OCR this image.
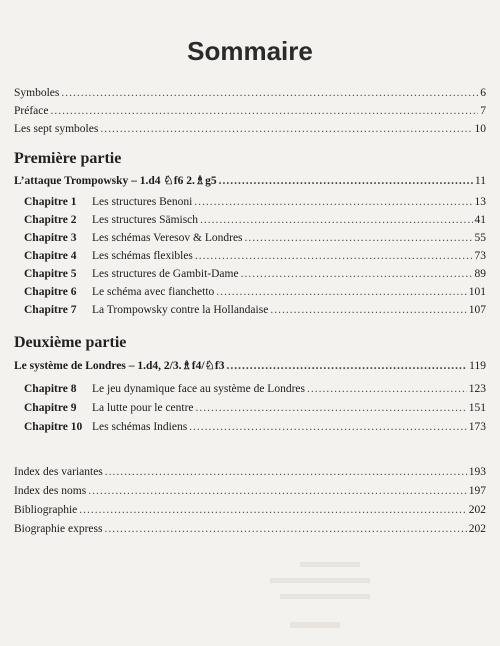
Sommaire
Symboles .....	6
Préface .....	7
Les sept symboles .....	10
Première partie
L’attaque Trompowsky – 1.d4 ♘f6 2.♗g5 .....	11
Chapitre 1	Les structures Benoni .....	13
Chapitre 2	Les structures Sämisch .....	41
Chapitre 3	Les schémas Veresov & Londres .....	55
Chapitre 4	Les schémas flexibles .....	73
Chapitre 5	Les structures de Gambit-Dame .....	89
Chapitre 6	Le schéma avec fianchetto .....	101
Chapitre 7	La Trompowsky contre la Hollandaise .....	107
Deuxième partie
Le système de Londres – 1.d4, 2/3.♗f4/♘f3 .....	119
Chapitre 8	Le jeu dynamique face au système de Londres .....	123
Chapitre 9	La lutte pour le centre .....	151
Chapitre 10 Les schémas Indiens .....	173
Index des variantes .....	193
Index des noms .....	197
Bibliographie .....	202
Biographie express .....	202
